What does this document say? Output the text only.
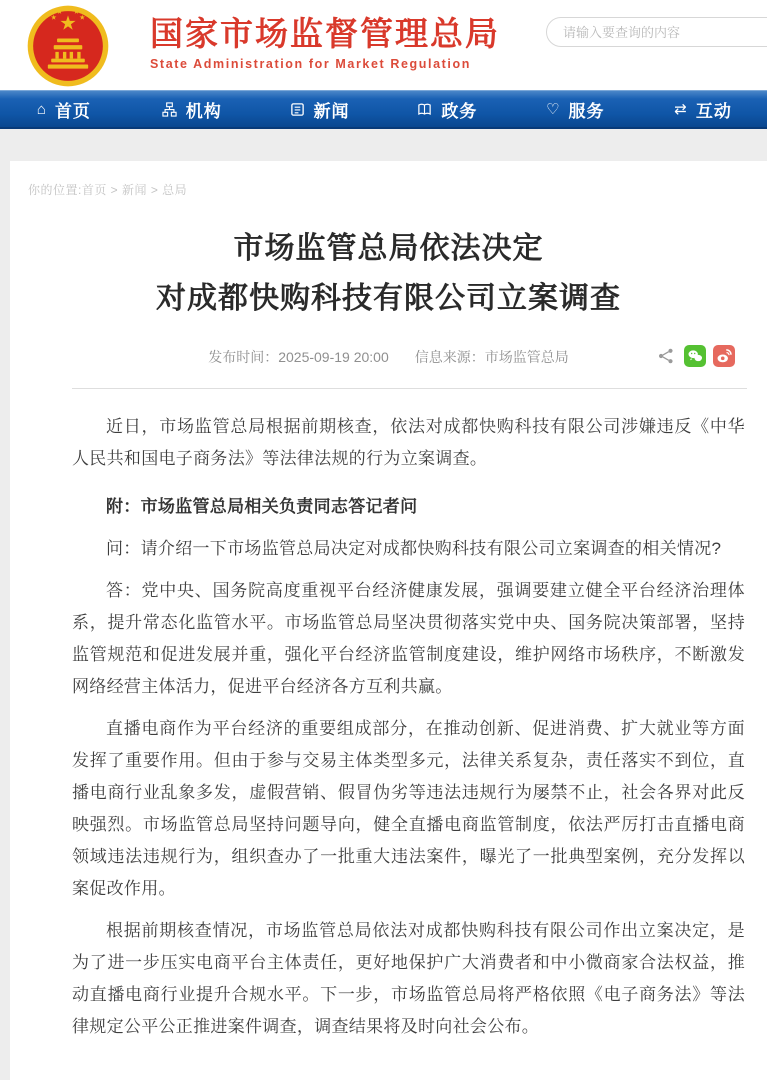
国家市场监督管理总局
State Administration for Market Regulation
请输入要查询的内容
⌂ 首页	机构	新闻	政务	♡ 服务	⇄ 互动
你的位置:首页 > 新闻 > 总局
市场监管总局依法决定
对成都快购科技有限公司立案调查
发布时间：2025-09-19 20:00 信息来源：市场监管总局

近日，市场监管总局根据前期核查，依法对成都快购科技有限公司涉嫌违反《中华人民共和国电子商务法》等法律法规的行为立案调查。

附：市场监管总局相关负责同志答记者问

问：请介绍一下市场监管总局决定对成都快购科技有限公司立案调查的相关情况?

答：党中央、国务院高度重视平台经济健康发展，强调要建立健全平台经济治理体系，提升常态化监管水平。市场监管总局坚决贯彻落实党中央、国务院决策部署，坚持监管规范和促进发展并重，强化平台经济监管制度建设，维护网络市场秩序，不断激发网络经营主体活力，促进平台经济各方互利共赢。

直播电商作为平台经济的重要组成部分，在推动创新、促进消费、扩大就业等方面发挥了重要作用。但由于参与交易主体类型多元，法律关系复杂，责任落实不到位，直播电商行业乱象多发，虚假营销、假冒伪劣等违法违规行为屡禁不止，社会各界对此反映强烈。市场监管总局坚持问题导向，健全直播电商监管制度，依法严厉打击直播电商领域违法违规行为，组织查办了一批重大违法案件，曝光了一批典型案例，充分发挥以案促改作用。

根据前期核查情况，市场监管总局依法对成都快购科技有限公司作出立案决定，是为了进一步压实电商平台主体责任，更好地保护广大消费者和中小微商家合法权益，推动直播电商行业提升合规水平。下一步，市场监管总局将严格依照《电子商务法》等法律规定公平公正推进案件调查，调查结果将及时向社会公布。
